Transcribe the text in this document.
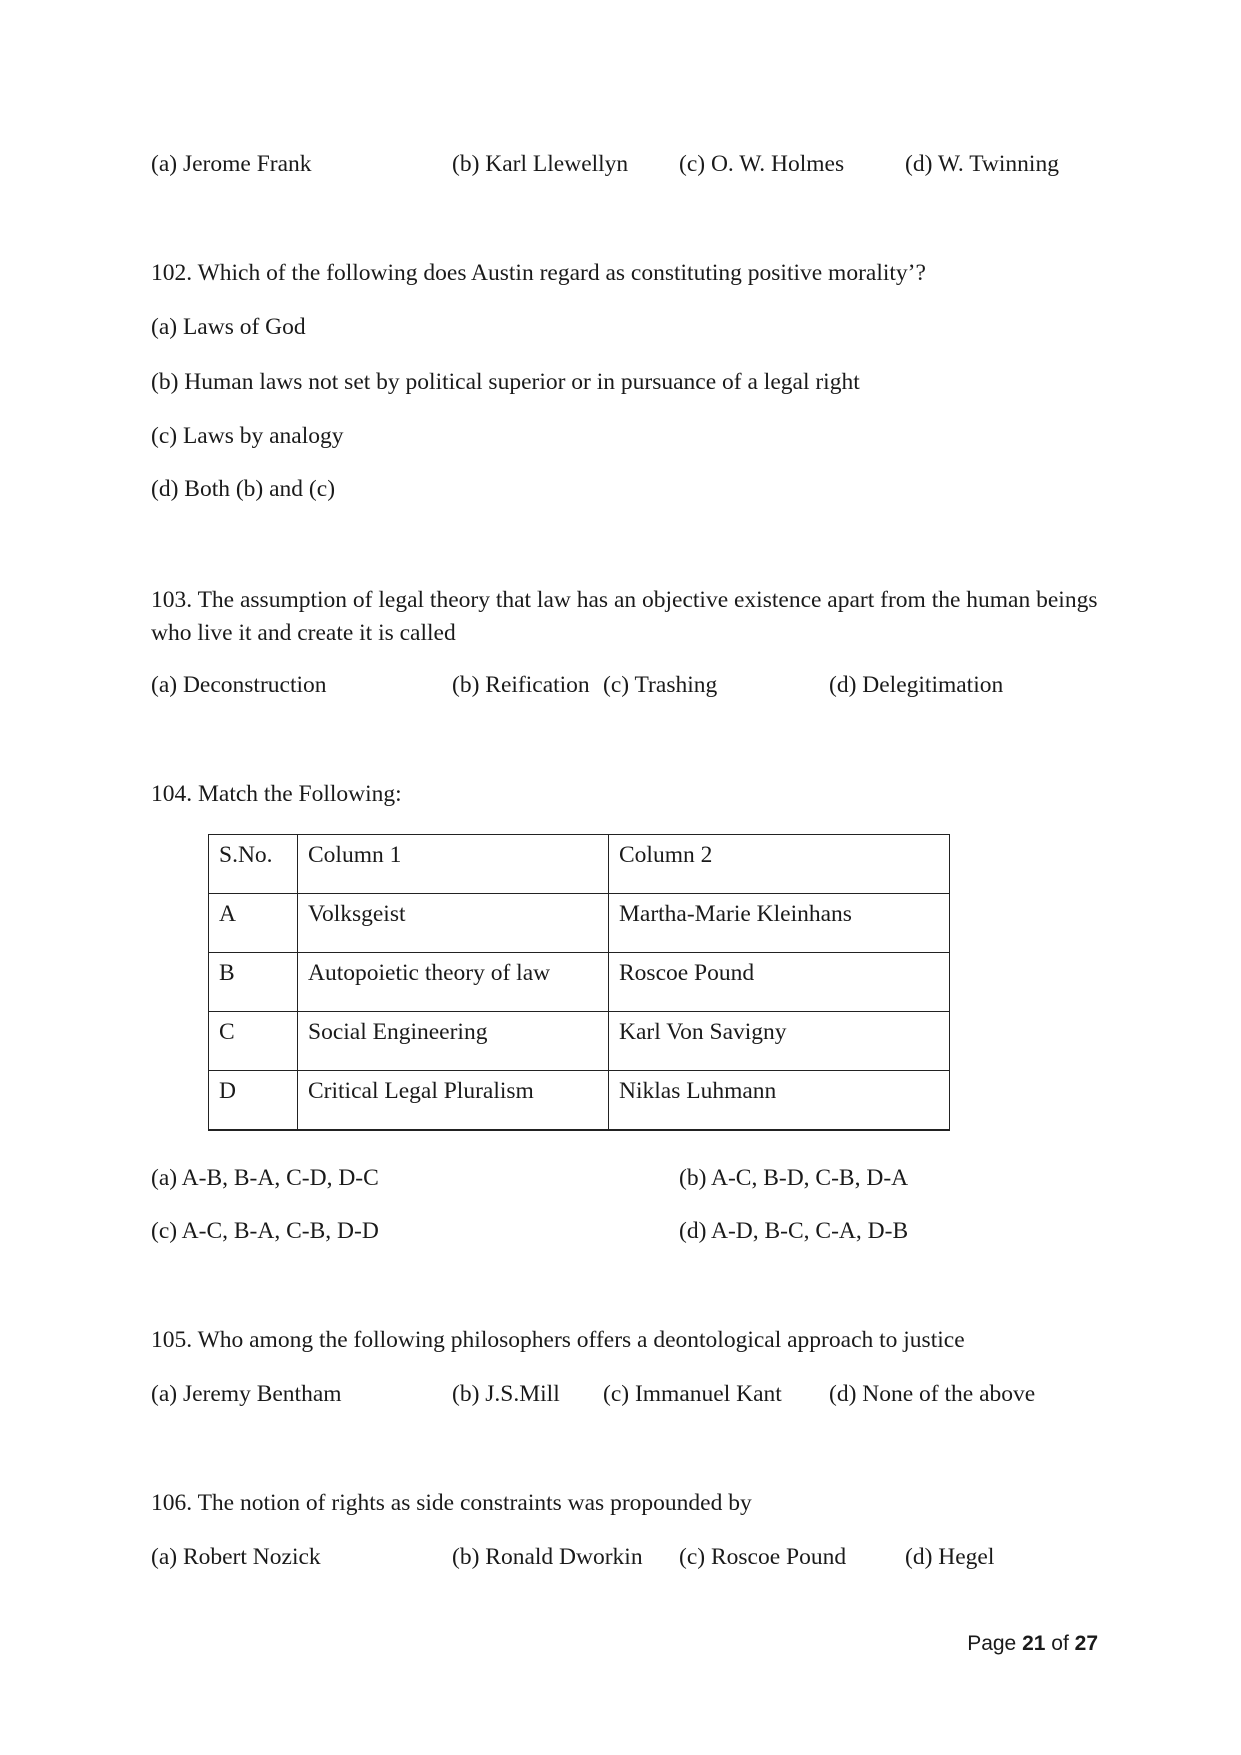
(a) Jerome Frank	(b) Karl Llewellyn (c) O. W. Holmes	(d) W. Twinning
102. Which of the following does Austin regard as constituting positive morality’?
(a) Laws of God
(b) Human laws not set by political superior or in pursuance of a legal right
(c) Laws by analogy
(d) Both (b) and (c)
103. The assumption of legal theory that law has an objective existence apart from the human beings who live it and create it is called
(a) Deconstruction	(b) Reification (c) Trashing	(d) Delegitimation
104. Match the Following:
S.No.	Column 1	Column 2
A	Volksgeist	Martha-Marie Kleinhans
B	Autopoietic theory of law	Roscoe Pound
C	Social Engineering	Karl Von Savigny
D	Critical Legal Pluralism	Niklas Luhmann
(a) A-B, B-A, C-D, D-C	(b) A-C, B-D, C-B, D-A
(c) A-C, B-A, C-B, D-D	(d) A-D, B-C, C-A, D-B
105. Who among the following philosophers offers a deontological approach to justice
(a) Jeremy Bentham	(b) J.S.Mill (c) Immanuel Kant (d) None of the above
106. The notion of rights as side constraints was propounded by
(a) Robert Nozick	(b) Ronald Dworkin (c) Roscoe Pound	(d) Hegel
Page 21 of 27
